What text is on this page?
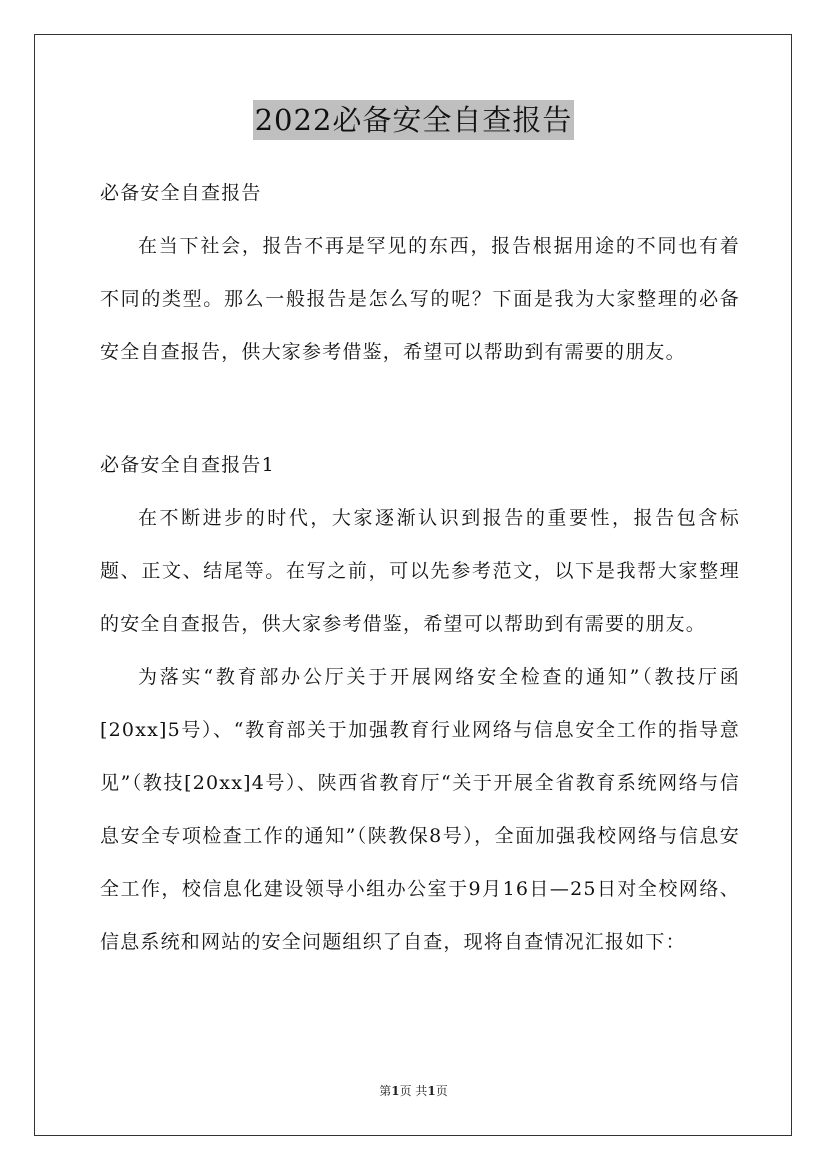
2022必备安全自查报告
必备安全自查报告

在当下社会，报告不再是罕见的东西，报告根据用途的不同也有着不同的类型。那么一般报告是怎么写的呢？下面是我为大家整理的必备安全自查报告，供大家参考借鉴，希望可以帮助到有需要的朋友。

必备安全自查报告1

在不断进步的时代，大家逐渐认识到报告的重要性，报告包含标题、正文、结尾等。在写之前，可以先参考范文，以下是我帮大家整理的安全自查报告，供大家参考借鉴，希望可以帮助到有需要的朋友。

为落实“教育部办公厅关于开展网络安全检查的通知”（教技厅函[20xx]5号）、“教育部关于加强教育行业网络与信息安全工作的指导意见”（教技[20xx]4号）、陕西省教育厅“关于开展全省教育系统网络与信息安全专项检查工作的通知”（陕教保8号），全面加强我校网络与信息安全工作，校信息化建设领导小组办公室于9月16日—25日对全校网络、信息系统和网站的安全问题组织了自查，现将自查情况汇报如下：

第1页 共1页
